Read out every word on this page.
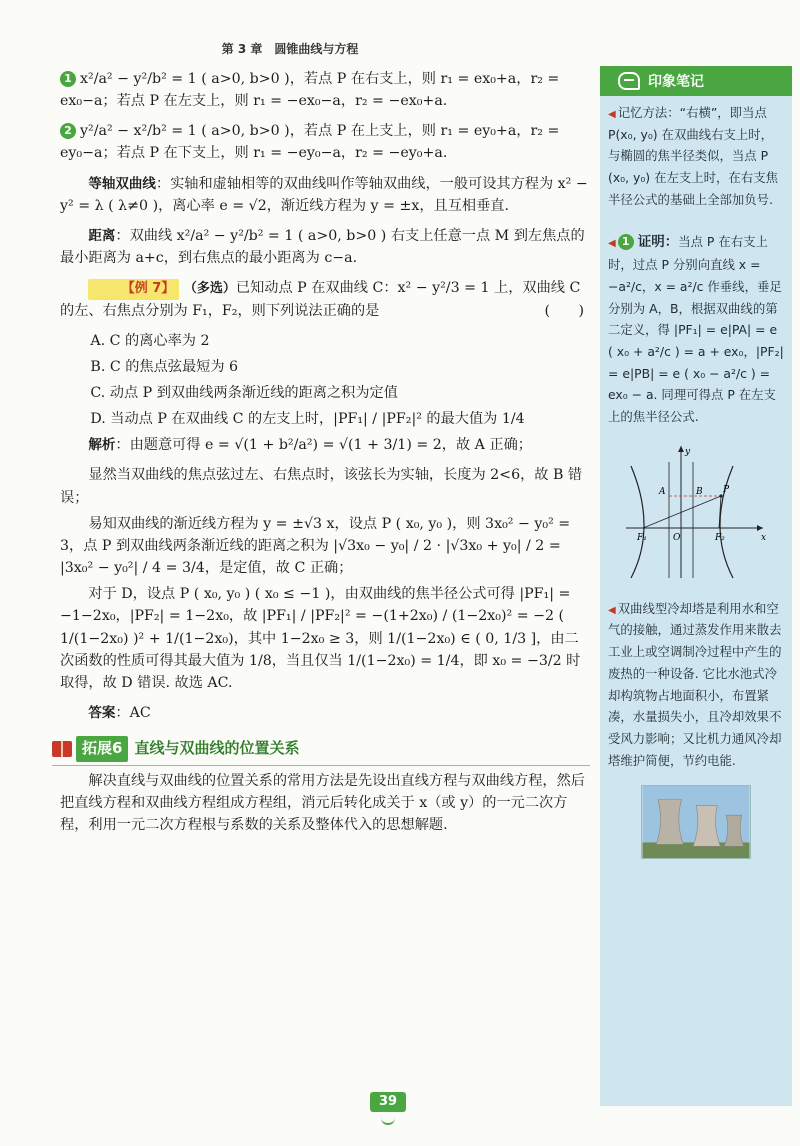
第 3 章　圆锥曲线与方程

1 x²/a² − y²/b² = 1 ( a>0, b>0 )，若点 P 在右支上，则 r₁ = ex₀+a，r₂ = ex₀−a；若点 P 在左支上，则 r₁ = −ex₀−a，r₂ = −ex₀+a.

2 y²/a² − x²/b² = 1 ( a>0, b>0 )，若点 P 在上支上，则 r₁ = ey₀+a，r₂ = ey₀−a；若点 P 在下支上，则 r₁ = −ey₀−a，r₂ = −ey₀+a.

等轴双曲线：实轴和虚轴相等的双曲线叫作等轴双曲线，一般可设其方程为 x² − y² = λ ( λ≠0 )，离心率 e = √2，渐近线方程为 y = ±x，且互相垂直.

距离：双曲线 x²/a² − y²/b² = 1 ( a>0, b>0 ) 右支上任意一点 M 到左焦点的最小距离为 a+c，到右焦点的最小距离为 c−a.

【例 7】 （多选）已知动点 P 在双曲线 C：x² − y²/3 = 1 上，双曲线 C 的左、右焦点分别为 F₁，F₂，则下列说法正确的是	(　　)

A. C 的离心率为 2

B. C 的焦点弦最短为 6

C. 动点 P 到双曲线两条渐近线的距离之积为定值

D. 当动点 P 在双曲线 C 的左支上时，|PF₁| / |PF₂|² 的最大值为 1/4

解析：由题意可得 e = √(1 + b²/a²) = √(1 + 3/1) = 2，故 A 正确；

显然当双曲线的焦点弦过左、右焦点时，该弦长为实轴，长度为 2<6，故 B 错误；

易知双曲线的渐近线方程为 y = ±√3 x，设点 P ( x₀, y₀ )，则 3x₀² − y₀² = 3，点 P 到双曲线两条渐近线的距离之积为 |√3x₀ − y₀| / 2 · |√3x₀ + y₀| / 2 = |3x₀² − y₀²| / 4 = 3/4，是定值，故 C 正确；

对于 D，设点 P ( x₀, y₀ ) ( x₀ ≤ −1 )，由双曲线的焦半径公式可得 |PF₁| = −1−2x₀，|PF₂| = 1−2x₀，故 |PF₁| / |PF₂|² = −(1+2x₀) / (1−2x₀)² = −2 ( 1/(1−2x₀) )² + 1/(1−2x₀)，其中 1−2x₀ ≥ 3，则 1/(1−2x₀) ∈ ( 0, 1/3 ]，由二次函数的性质可得其最大值为 1/8，当且仅当 1/(1−2x₀) = 1/4，即 x₀ = −3/2 时取得，故 D 错误. 故选 AC.

答案：AC

拓展6 直线与双曲线的位置关系

解决直线与双曲线的位置关系的常用方法是先设出直线方程与双曲线方程，然后把直线方程和双曲线方程组成方程组，消元后转化成关于 x（或 y）的一元二次方程，利用一元二次方程根与系数的关系及整体代入的思想解题.

印象笔记

◀ 记忆方法：“右横”，即当点 P(x₀, y₀) 在双曲线右支上时，与椭圆的焦半径类似，当点 P (x₀, y₀) 在左支上时，在右支焦半径公式的基础上全部加负号.

◀ 1 证明：当点 P 在右支上时，过点 P 分别向直线 x = −a²/c，x = a²/c 作垂线，垂足分别为 A，B，根据双曲线的第二定义，得 |PF₁| = e|PA| = e ( x₀ + a²/c ) = a + ex₀，|PF₂| = e|PB| = e ( x₀ − a²/c ) = ex₀ − a. 同理可得点 P 在左支上的焦半径公式.

y
x
A	B P
F₁	O	F₂

◀ 双曲线型冷却塔是利用水和空气的接触，通过蒸发作用来散去工业上或空调制冷过程中产生的废热的一种设备. 它比水池式冷却构筑物占地面积小，布置紧凑，水量损失小，且冷却效果不受风力影响；又比机力通风冷却塔维护简便，节约电能.

39
